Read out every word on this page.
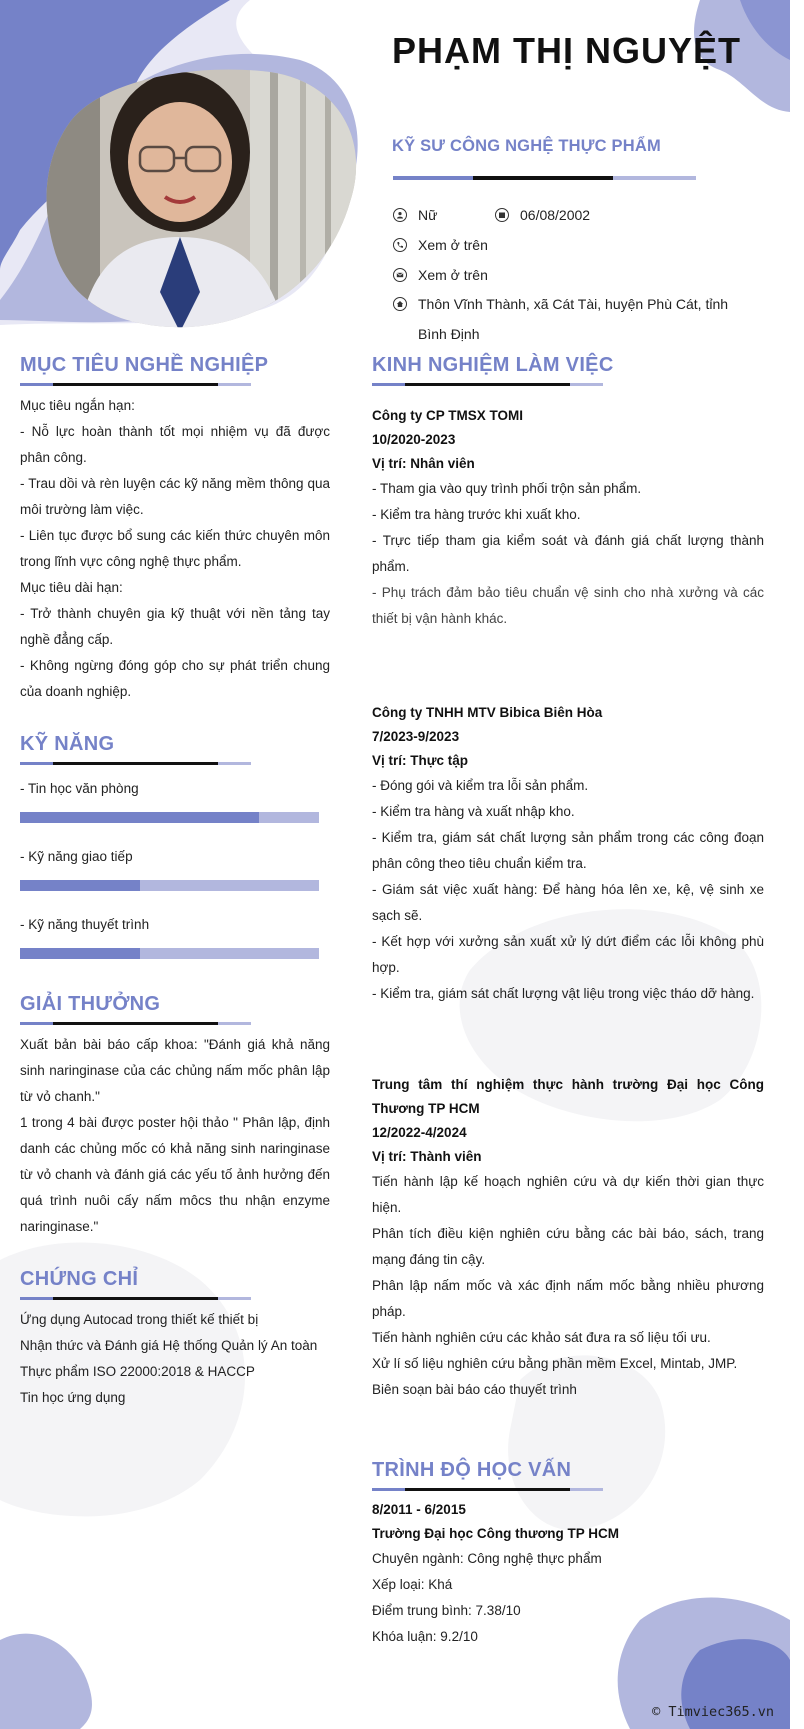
PHẠM THỊ NGUYỆT
KỸ SƯ CÔNG NGHỆ THỰC PHẨM
Nữ	06/08/2002
Xem ở trên
Xem ở trên
Thôn Vĩnh Thành, xã Cát Tài, huyện Phù Cát, tỉnh Bình Định
MỤC TIÊU NGHỀ NGHIỆP

Mục tiêu ngắn hạn:

- Nỗ lực hoàn thành tốt mọi nhiệm vụ đã được phân công.

- Trau dồi và rèn luyện các kỹ năng mềm thông qua môi trường làm việc.

- Liên tục được bổ sung các kiến thức chuyên môn trong lĩnh vực công nghệ thực phẩm.

Mục tiêu dài hạn:

- Trở thành chuyên gia kỹ thuật với nền tảng tay nghề đẳng cấp.

- Không ngừng đóng góp cho sự phát triển chung của doanh nghiệp.

KỸ NĂNG
- Tin học văn phòng
- Kỹ năng giao tiếp
- Kỹ năng thuyết trình
GIẢI THƯỞNG

Xuất bản bài báo cấp khoa: "Đánh giá khả năng sinh naringinase của các chủng nấm mốc phân lập từ vỏ chanh."

1 trong 4 bài được poster hội thảo " Phân lập, định danh các chủng mốc có khả năng sinh naringinase từ vỏ chanh và đánh giá các yếu tố ảnh hưởng đến quá trình nuôi cấy nấm môcs thu nhận enzyme naringinase."

CHỨNG CHỈ

Ứng dụng Autocad trong thiết kế thiết bị

Nhận thức và Đánh giá Hệ thống Quản lý An toàn Thực phẩm ISO 22000:2018 & HACCP

Tin học ứng dụng

KINH NGHIỆM LÀM VIỆC

Công ty CP TMSX TOMI

10/2020-2023

Vị trí: Nhân viên

- Tham gia vào quy trình phối trộn sản phẩm.

- Kiểm tra hàng trước khi xuất kho.

- Trực tiếp tham gia kiểm soát và đánh giá chất lượng thành phẩm.

- Phụ trách đảm bảo tiêu chuẩn vệ sinh cho nhà xưởng và các thiết bị vận hành khác.

Công ty TNHH MTV Bibica Biên Hòa

7/2023-9/2023

Vị trí: Thực tập

- Đóng gói và kiểm tra lỗi sản phẩm.

- Kiểm tra hàng và xuất nhập kho.

- Kiểm tra, giám sát chất lượng sản phẩm trong các công đoạn phân công theo tiêu chuẩn kiểm tra.

- Giám sát việc xuất hàng: Để hàng hóa lên xe, kệ, vệ sinh xe sạch sẽ.

- Kết hợp với xưởng sản xuất xử lý dứt điểm các lỗi không phù hợp.

- Kiểm tra, giám sát chất lượng vật liệu trong việc tháo dỡ hàng.

Trung tâm thí nghiệm thực hành trường Đại học Công Thương TP HCM

12/2022-4/2024

Vị trí: Thành viên

Tiến hành lập kế hoạch nghiên cứu và dự kiến thời gian thực hiện.

Phân tích điều kiện nghiên cứu bằng các bài báo, sách, trang mạng đáng tin cậy.

Phân lập nấm mốc và xác định nấm mốc bằng nhiều phương pháp.

Tiến hành nghiên cứu các khảo sát đưa ra số liệu tối ưu.

Xử lí số liệu nghiên cứu bằng phần mềm Excel, Mintab, JMP.

Biên soạn bài báo cáo thuyết trình

TRÌNH ĐỘ HỌC VẤN

8/2011 - 6/2015

Trường Đại học Công thương TP HCM

Chuyên ngành: Công nghệ thực phẩm

Xếp loại: Khá

Điểm trung bình: 7.38/10

Khóa luận: 9.2/10

© Timviec365.vn
